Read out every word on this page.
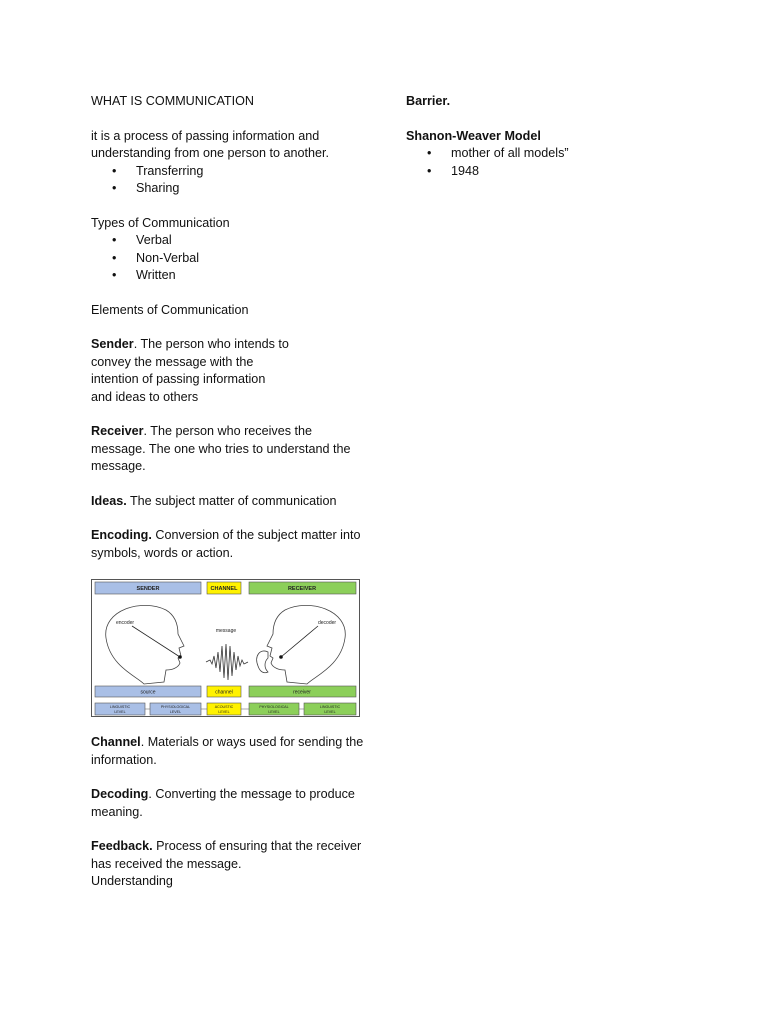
WHAT IS COMMUNICATION

it is a process of passing information and understanding from one person to another.

• Transferring
• Sharing

Types of Communication

• Verbal
• Non-Verbal
• Written

Elements of Communication

Sender. The person who intends to
convey the message with the
intention of passing information
and ideas to others

Receiver. The person who receives the message. The one who tries to understand the message.

Ideas. The subject matter of communication

Encoding. Conversion of the subject matter into symbols, words or action.

SENDER	CHANNEL	RECEIVER
encoder	decoder
message
source	channel	receiver
LINGUISTIC
LEVEL
PHYSIOLOGICAL
LEVEL
ACOUSTIC
LEVEL
PHYSIOLOGICAL
LEVEL
LINGUISTIC
LEVEL

Channel. Materials or ways used for sending the information.

Decoding. Converting the message to produce meaning.

Feedback. Process of ensuring that the receiver has received the message.

Understanding

Barrier.

Shanon-Weaver Model

• mother of all models”
• 1948
